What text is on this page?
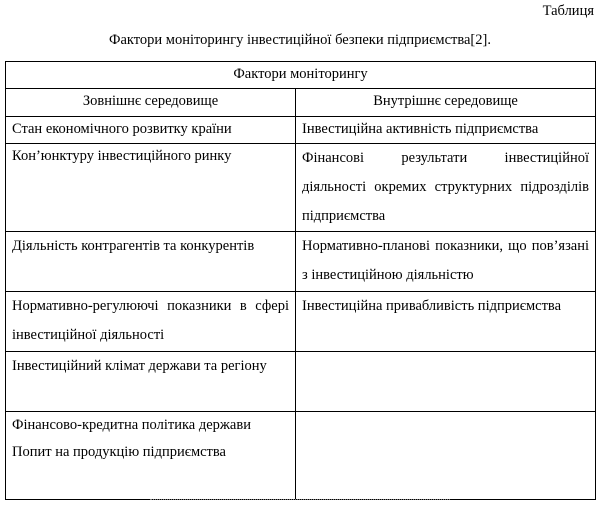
Таблиця
Фактори моніторингу інвестиційної безпеки підприємства[2].
Фактори моніторингу	
Зовнішнє середовище	Внутрішнє середовище

Стан економічного розвитку країни	Інвестиційна активність підприємства

Кон’юнктуру інвестиційного ринку	Фінансові результати інвестиційної діяльності окремих структурних підрозділів підприємства

Діяльність контрагентів та конкурентів	Нормативно-планові показники, що пов’язані з інвестиційною діяльністю

Нормативно-регулюючі показники в сфері інвестиційної діяльності	Інвестиційна привабливість підприємства

Інвестиційний клімат держави та регіону	

Фінансово-кредитна політика держави
Попит на продукцію підприємства	
